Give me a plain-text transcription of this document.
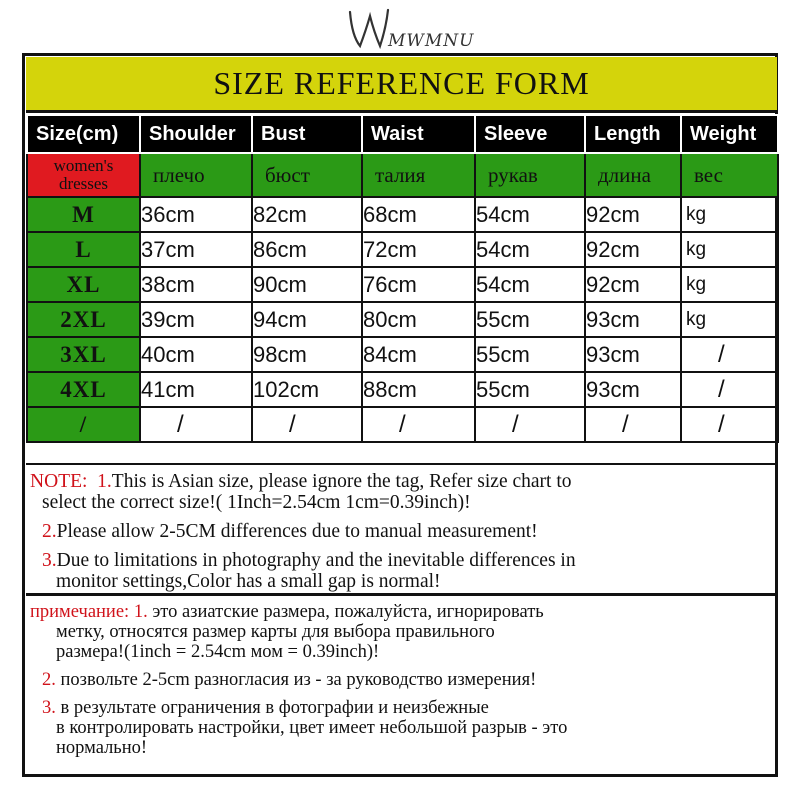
MWMNU
SIZE REFERENCE FORM
Size(cm)	Shoulder	Bust	Waist	Sleeve	Length	Weight

women's
dresses	плечо	бюст	талия	рукав	длина	вес
M	36cm	82cm	68cm	54cm	92cm	kg
L	37cm	86cm	72cm	54cm	92cm	kg
XL	38cm	90cm	76cm	54cm	92cm	kg
2XL	39cm	94cm	80cm	55cm	93cm	kg
3XL	40cm	98cm	84cm	55cm	93cm	/
4XL	41cm	102cm	88cm	55cm	93cm	/
/	/	/	/	/	/	/
NOTE: 1.This is Asian size, please ignore the tag, Refer size chart to
select the correct size!( 1Inch=2.54cm 1cm=0.39inch)!
2.Please allow 2-5CM differences due to manual measurement!
3.Due to limitations in photography and the inevitable differences in
monitor settings,Color has a small gap is normal!
примечание: 1. это азиатские размера, пожалуйста, игнорировать
метку, относятся размер карты для выбора правильного
размера!(1inch = 2.54cm мом = 0.39inch)!
2. позвольте 2-5cm разногласия из - за руководство измерения!
3. в результате ограничения в фотографии и неизбежные
в контролировать настройки, цвет имеет небольшой разрыв - это
нормально!
